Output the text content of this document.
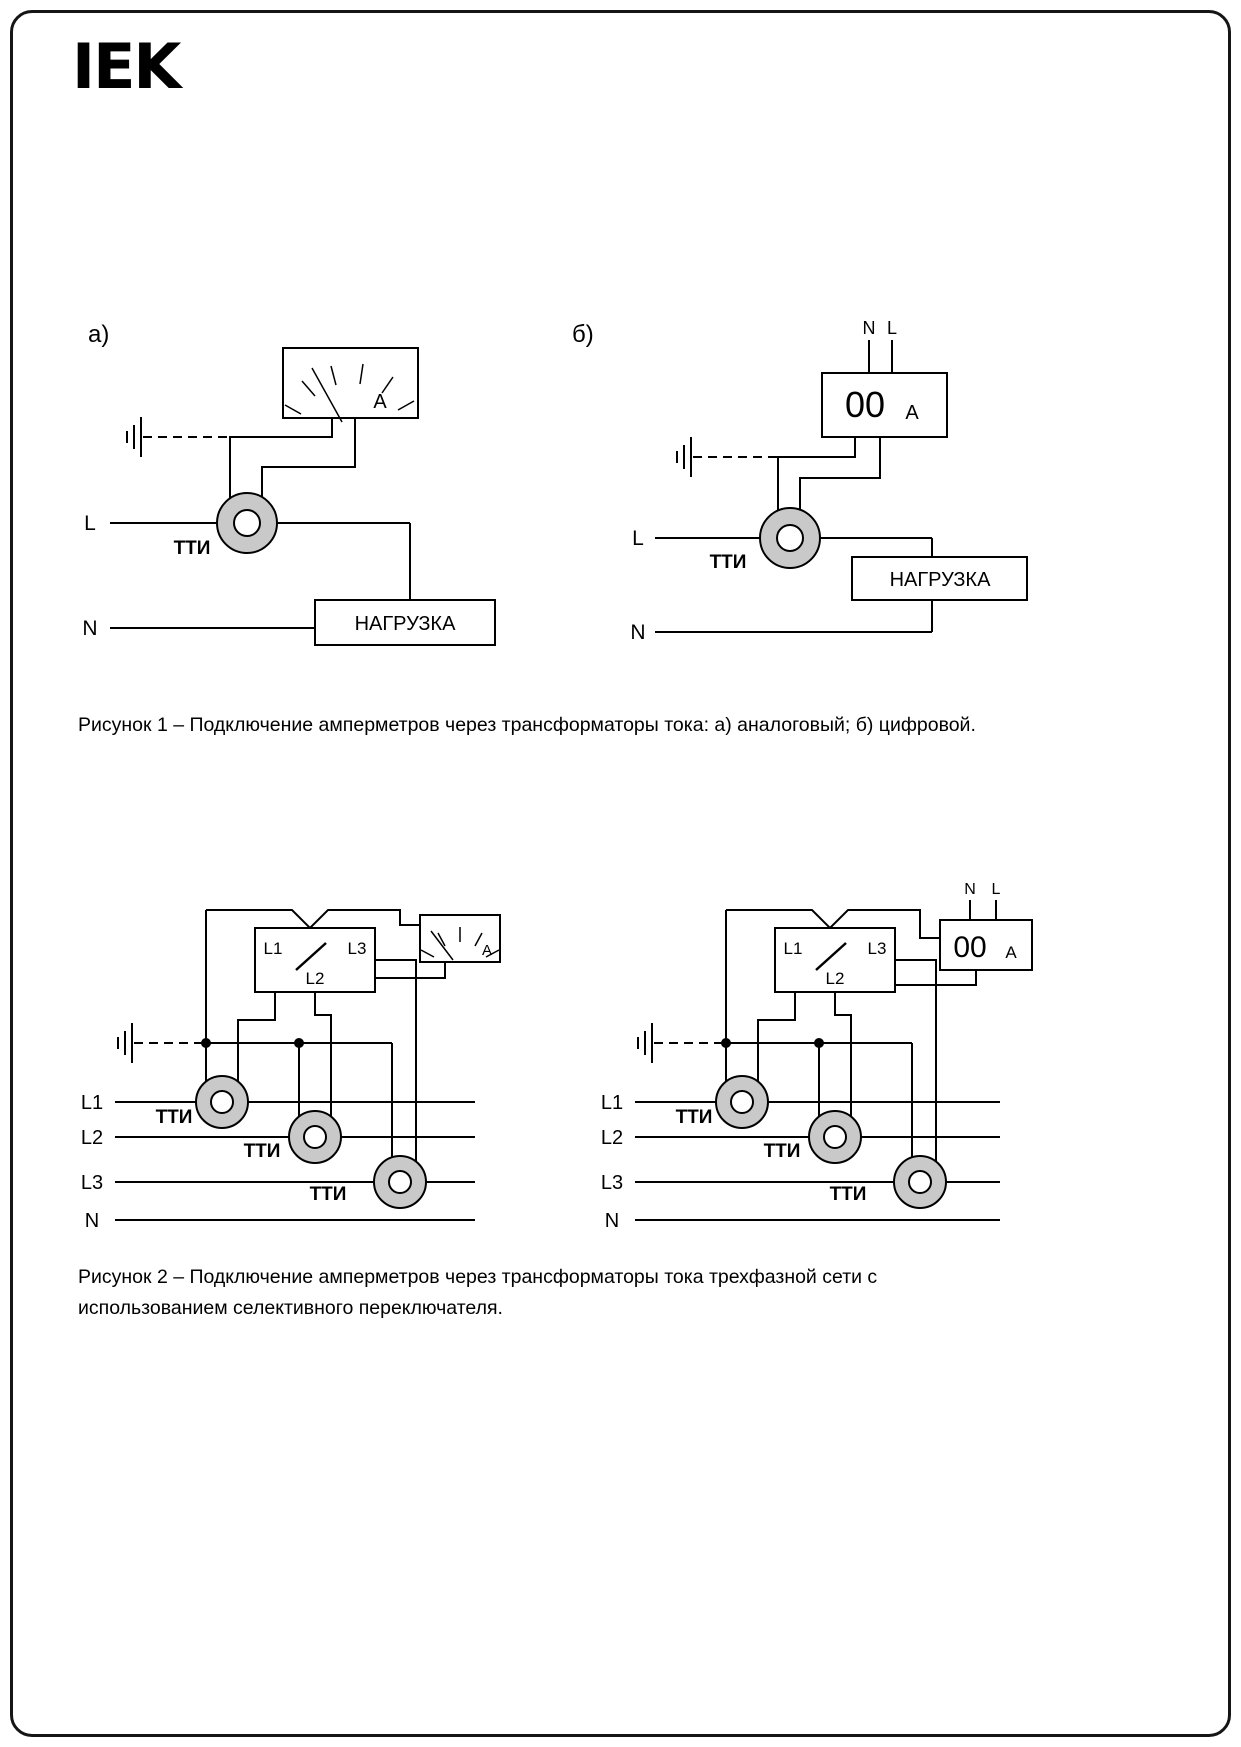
IEK
а)
А
ТТИ
L
N	НАГРУЗКА
б)	N L
00 А
ТТИ
L
N
НАГРУЗКА
Рисунок 1 – Подключение амперметров через трансформаторы тока: а) аналоговый; б) цифровой.
L1	L3
L2
А
ТТИ
ТТИ
ТТИ
L1
L2
L3
N
L1	L3
L2
N L
00 А
ТТИ
ТТИ
ТТИ
L1
L2
L3
N
Рисунок 2 – Подключение амперметров через трансформаторы тока трехфазной сети с использованием селективного переключателя.
